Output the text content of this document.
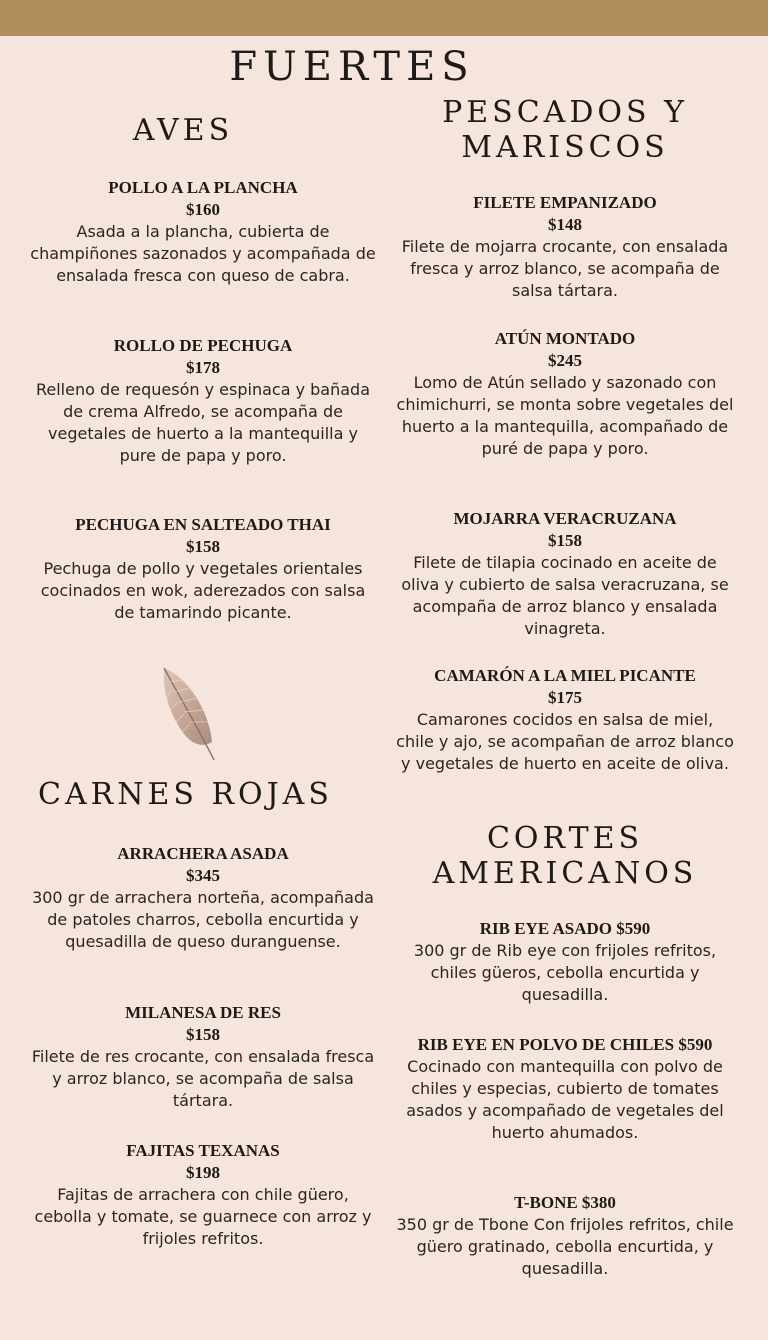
FUERTES
AVES

POLLO A LA PLANCHA

$160

Asada a la plancha, cubierta de champiñones sazonados y acompañada de ensalada fresca con queso de cabra.

ROLLO DE PECHUGA

$178

Relleno de requesón y espinaca y bañada de crema Alfredo, se acompaña de vegetales de huerto a la mantequilla y pure de papa y poro.

PECHUGA EN SALTEADO THAI

$158

Pechuga de pollo y vegetales orientales cocinados en wok, aderezados con salsa de tamarindo picante.

CARNES ROJAS

ARRACHERA ASADA

$345

300 gr de arrachera norteña, acompañada de patoles charros, cebolla encurtida y quesadilla de queso duranguense.

MILANESA DE RES

$158

Filete de res crocante, con ensalada fresca y arroz blanco, se acompaña de salsa tártara.

FAJITAS TEXANAS

$198

Fajitas de arrachera con chile güero, cebolla y tomate, se guarnece con arroz y frijoles refritos.

PESCADOS Y MARISCOS

FILETE EMPANIZADO

$148

Filete de mojarra crocante, con ensalada fresca y arroz blanco, se acompaña de salsa tártara.

ATÚN MONTADO

$245

Lomo de Atún sellado y sazonado con chimichurri, se monta sobre vegetales del huerto a la mantequilla, acompañado de puré de papa y poro.

MOJARRA VERACRUZANA

$158

Filete de tilapia cocinado en aceite de oliva y cubierto de salsa veracruzana, se acompaña de arroz blanco y ensalada vinagreta.

CAMARÓN A LA MIEL PICANTE

$175

Camarones cocidos en salsa de miel, chile y ajo, se acompañan de arroz blanco y vegetales de huerto en aceite de oliva.

CORTES AMERICANOS

RIB EYE ASADO $590

300 gr de Rib eye con frijoles refritos, chiles güeros, cebolla encurtida y quesadilla.

RIB EYE EN POLVO DE CHILES $590

Cocinado con mantequilla con polvo de chiles y especias, cubierto de tomates asados y acompañado de vegetales del huerto ahumados.

T-BONE $380

350 gr de Tbone Con frijoles refritos, chile güero gratinado, cebolla encurtida, y quesadilla.
